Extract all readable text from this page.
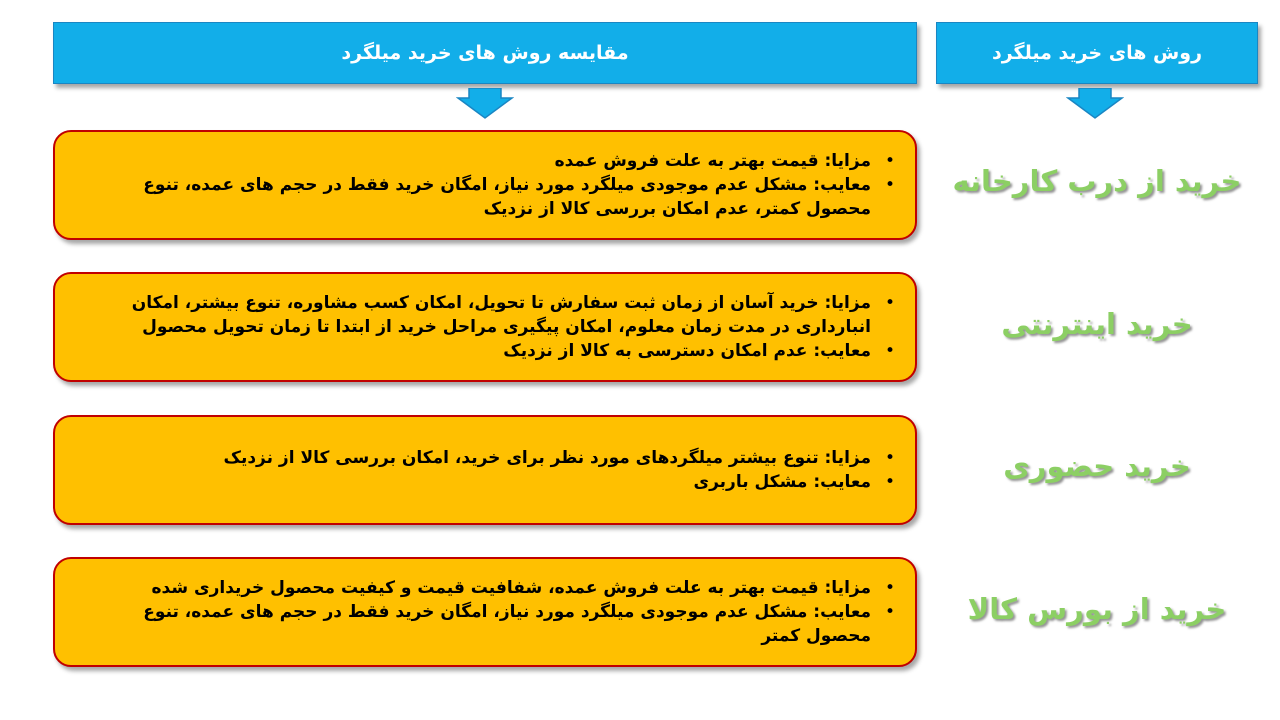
روش های خرید میلگرد
مقایسه روش های خرید میلگرد
خرید از درب کارخانه
•
مزایا: قیمت بهتر به علت فروش عمده
•
معایب: مشکل عدم موجودی میلگرد مورد نیاز، امگان خرید فقط در حجم های عمده، تنوع محصول کمتر، عدم امکان بررسی کالا از نزدیک
خرید اینترنتی
•
مزایا: خرید آسان از زمان ثبت سفارش تا تحویل، امکان کسب مشاوره، تنوع بیشتر، امکان انبارداری در مدت زمان معلوم، امکان پیگیری مراحل خرید از ابتدا تا زمان تحویل محصول
•
معایب: عدم امکان دسترسی به کالا از نزدیک
خرید حضوری
•
مزایا: تنوع بیشتر میلگردهای مورد نظر برای خرید، امکان بررسی کالا از نزدیک
•
معایب: مشکل باربری
خرید از بورس کالا
•
مزایا: قیمت بهتر به علت فروش عمده، شفافیت قیمت و کیفیت محصول خریداری شده
•
معایب: مشکل عدم موجودی میلگرد مورد نیاز، امگان خرید فقط در حجم های عمده، تنوع محصول کمتر
